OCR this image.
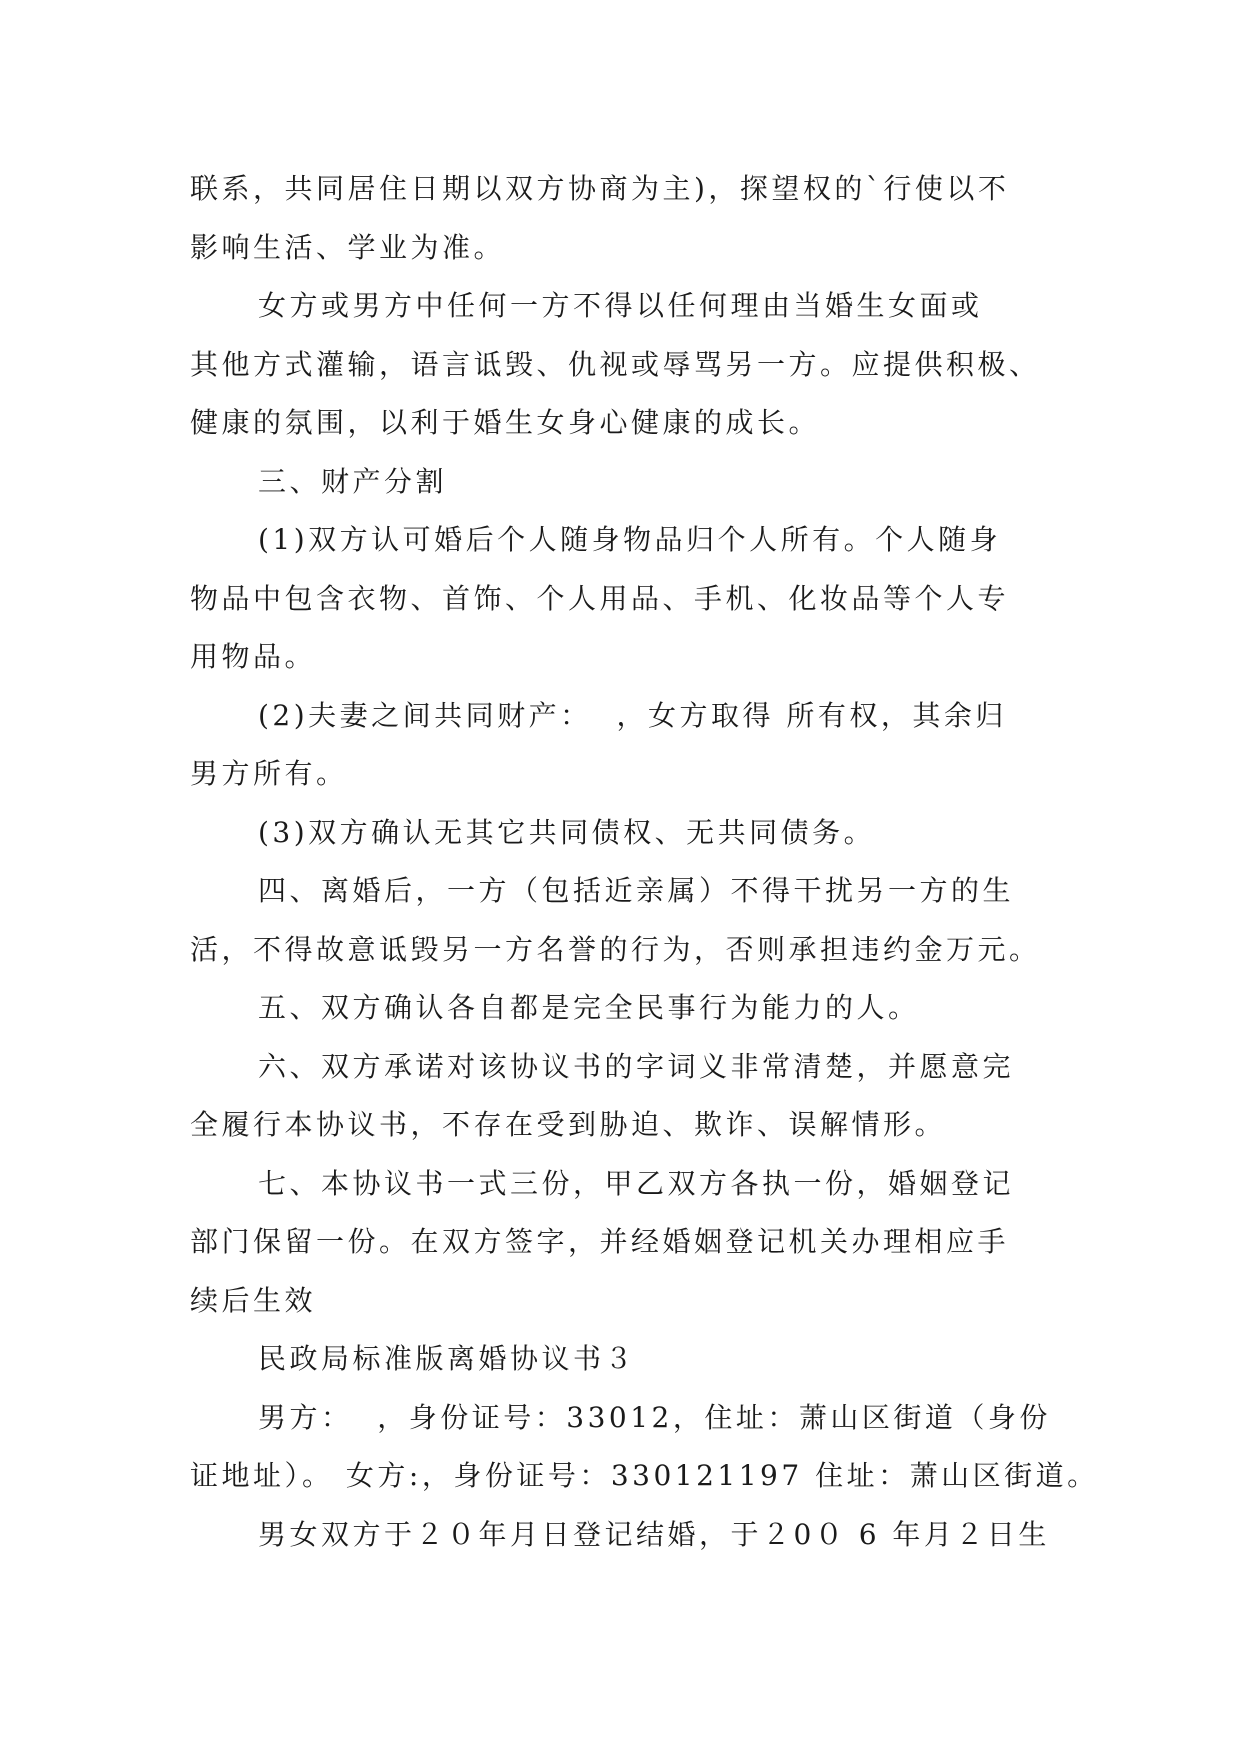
联系，共同居住日期以双方协商为主)，探望权的`行使以不
影响生活、学业为准。
女方或男方中任何一方不得以任何理由当婚生女面或
其他方式灌输，语言诋毁、仇视或辱骂另一方。应提供积极、
健康的氛围，以利于婚生女身心健康的成长。
三、财产分割
(1)双方认可婚后个人随身物品归个人所有。个人随身
物品中包含衣物、首饰、个人用品、手机、化妆品等个人专
用物品。
(2)夫妻之间共同财产：  ，女方取得 所有权，其余归
男方所有。
(3)双方确认无其它共同债权、无共同债务。
四、离婚后，一方（包括近亲属）不得干扰另一方的生
活，不得故意诋毁另一方名誉的行为，否则承担违约金万元。
五、双方确认各自都是完全民事行为能力的人。
六、双方承诺对该协议书的字词义非常清楚，并愿意完
全履行本协议书，不存在受到胁迫、欺诈、误解情形。
七、本协议书一式三份，甲乙双方各执一份，婚姻登记
部门保留一份。在双方签字，并经婚姻登记机关办理相应手
续后生效
民政局标准版离婚协议书３
男方：  ，身份证号：33012，住址：萧山区街道（身份
证地址）。 女方:，身份证号：330121197 住址：萧山区街道。
男女双方于２０年月日登记结婚，于２0０ 6 年月２日生
